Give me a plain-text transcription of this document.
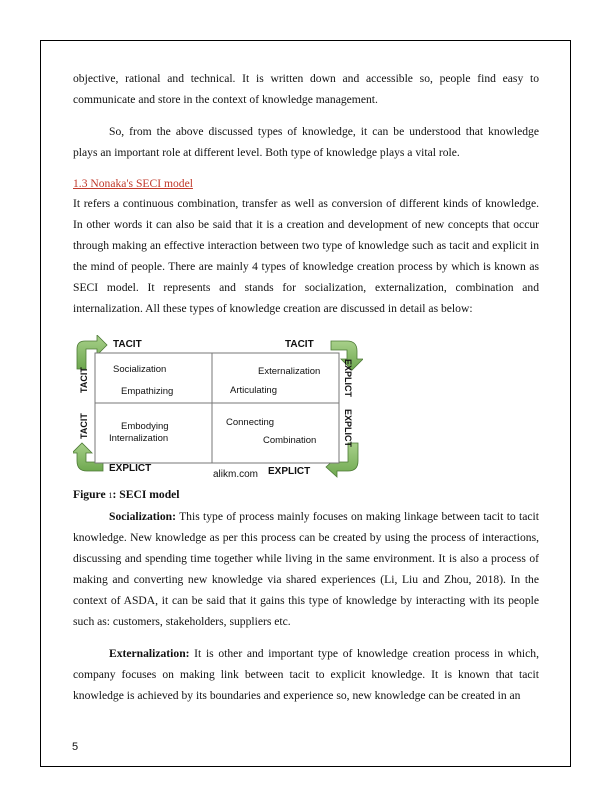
objective, rational and technical. It is written down and accessible so, people find easy to communicate and store in the context of knowledge management.

So, from the above discussed types of knowledge, it can be understood that knowledge plays an important role at different level. Both type of knowledge plays a vital role.

1.3 Nonaka's SECI model

It refers a continuous combination, transfer as well as conversion of different kinds of knowledge. In other words it can also be said that it is a creation and development of new concepts that occur through making an effective interaction between two type of knowledge such as tacit and explicit in the mind of people. There are mainly 4 types of knowledge creation process by which is known as SECI model. It represents and stands for socialization, externalization, combination and internalization. All these types of knowledge creation are discussed in detail as below:

TACIT	TACIT
TACIT
TACIT
EXPLICT
EXPLICT
Socialization
Empathizing
Externalization
Articulating
Embodying
Internalization
Connecting
Combination
EXPLICT	EXPLICT
alikm.com
Figure 1: SECI model

Socialization: This type of process mainly focuses on making linkage between tacit to tacit knowledge. New knowledge as per this process can be created by using the process of interactions, discussing and spending time together while living in the same environment. It is also a process of making and converting new knowledge via shared experiences (Li, Liu and Zhou, 2018). In the context of ASDA, it can be said that it gains this type of knowledge by interacting with its people such as: customers, stakeholders, suppliers etc.

Externalization: It is other and important type of knowledge creation process in which, company focuses on making link between tacit to explicit knowledge. It is known that tacit knowledge is achieved by its boundaries and experience so, new knowledge can be created in an

5
